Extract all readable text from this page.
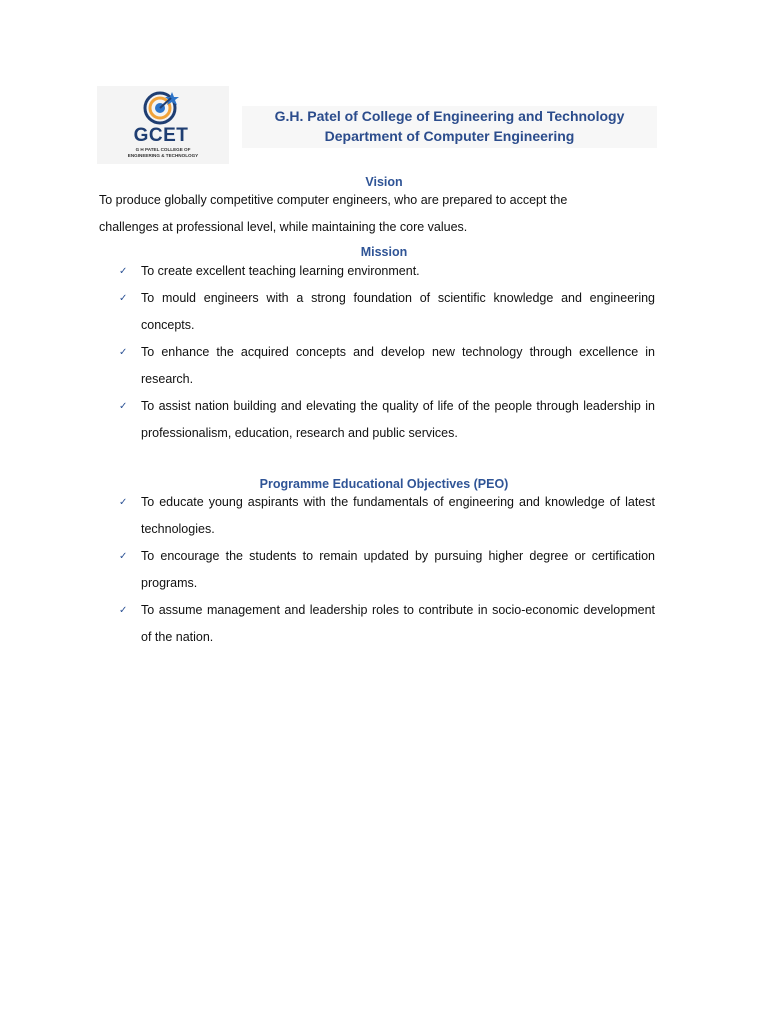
GCET
G H PATEL COLLEGE OF ENGINEERING & TECHNOLOGY
G.H. Patel of College of Engineering and Technology
Department of Computer Engineering
Vision
To produce globally competitive computer engineers, who are prepared to accept the
challenges at professional level, while maintaining the core values.
Mission
✓	To create excellent teaching learning environment.
✓	To mould engineers with a strong foundation of scientific knowledge and engineering concepts.
✓	To enhance the acquired concepts and develop new technology through excellence in research.
✓	To assist nation building and elevating the quality of life of the people through leadership in professionalism, education, research and public services.
Programme Educational Objectives (PEO)
✓	To educate young aspirants with the fundamentals of engineering and knowledge of latest technologies.
✓	To encourage the students to remain updated by pursuing higher degree or certification programs.
✓	To assume management and leadership roles to contribute in socio-economic development of the nation.
